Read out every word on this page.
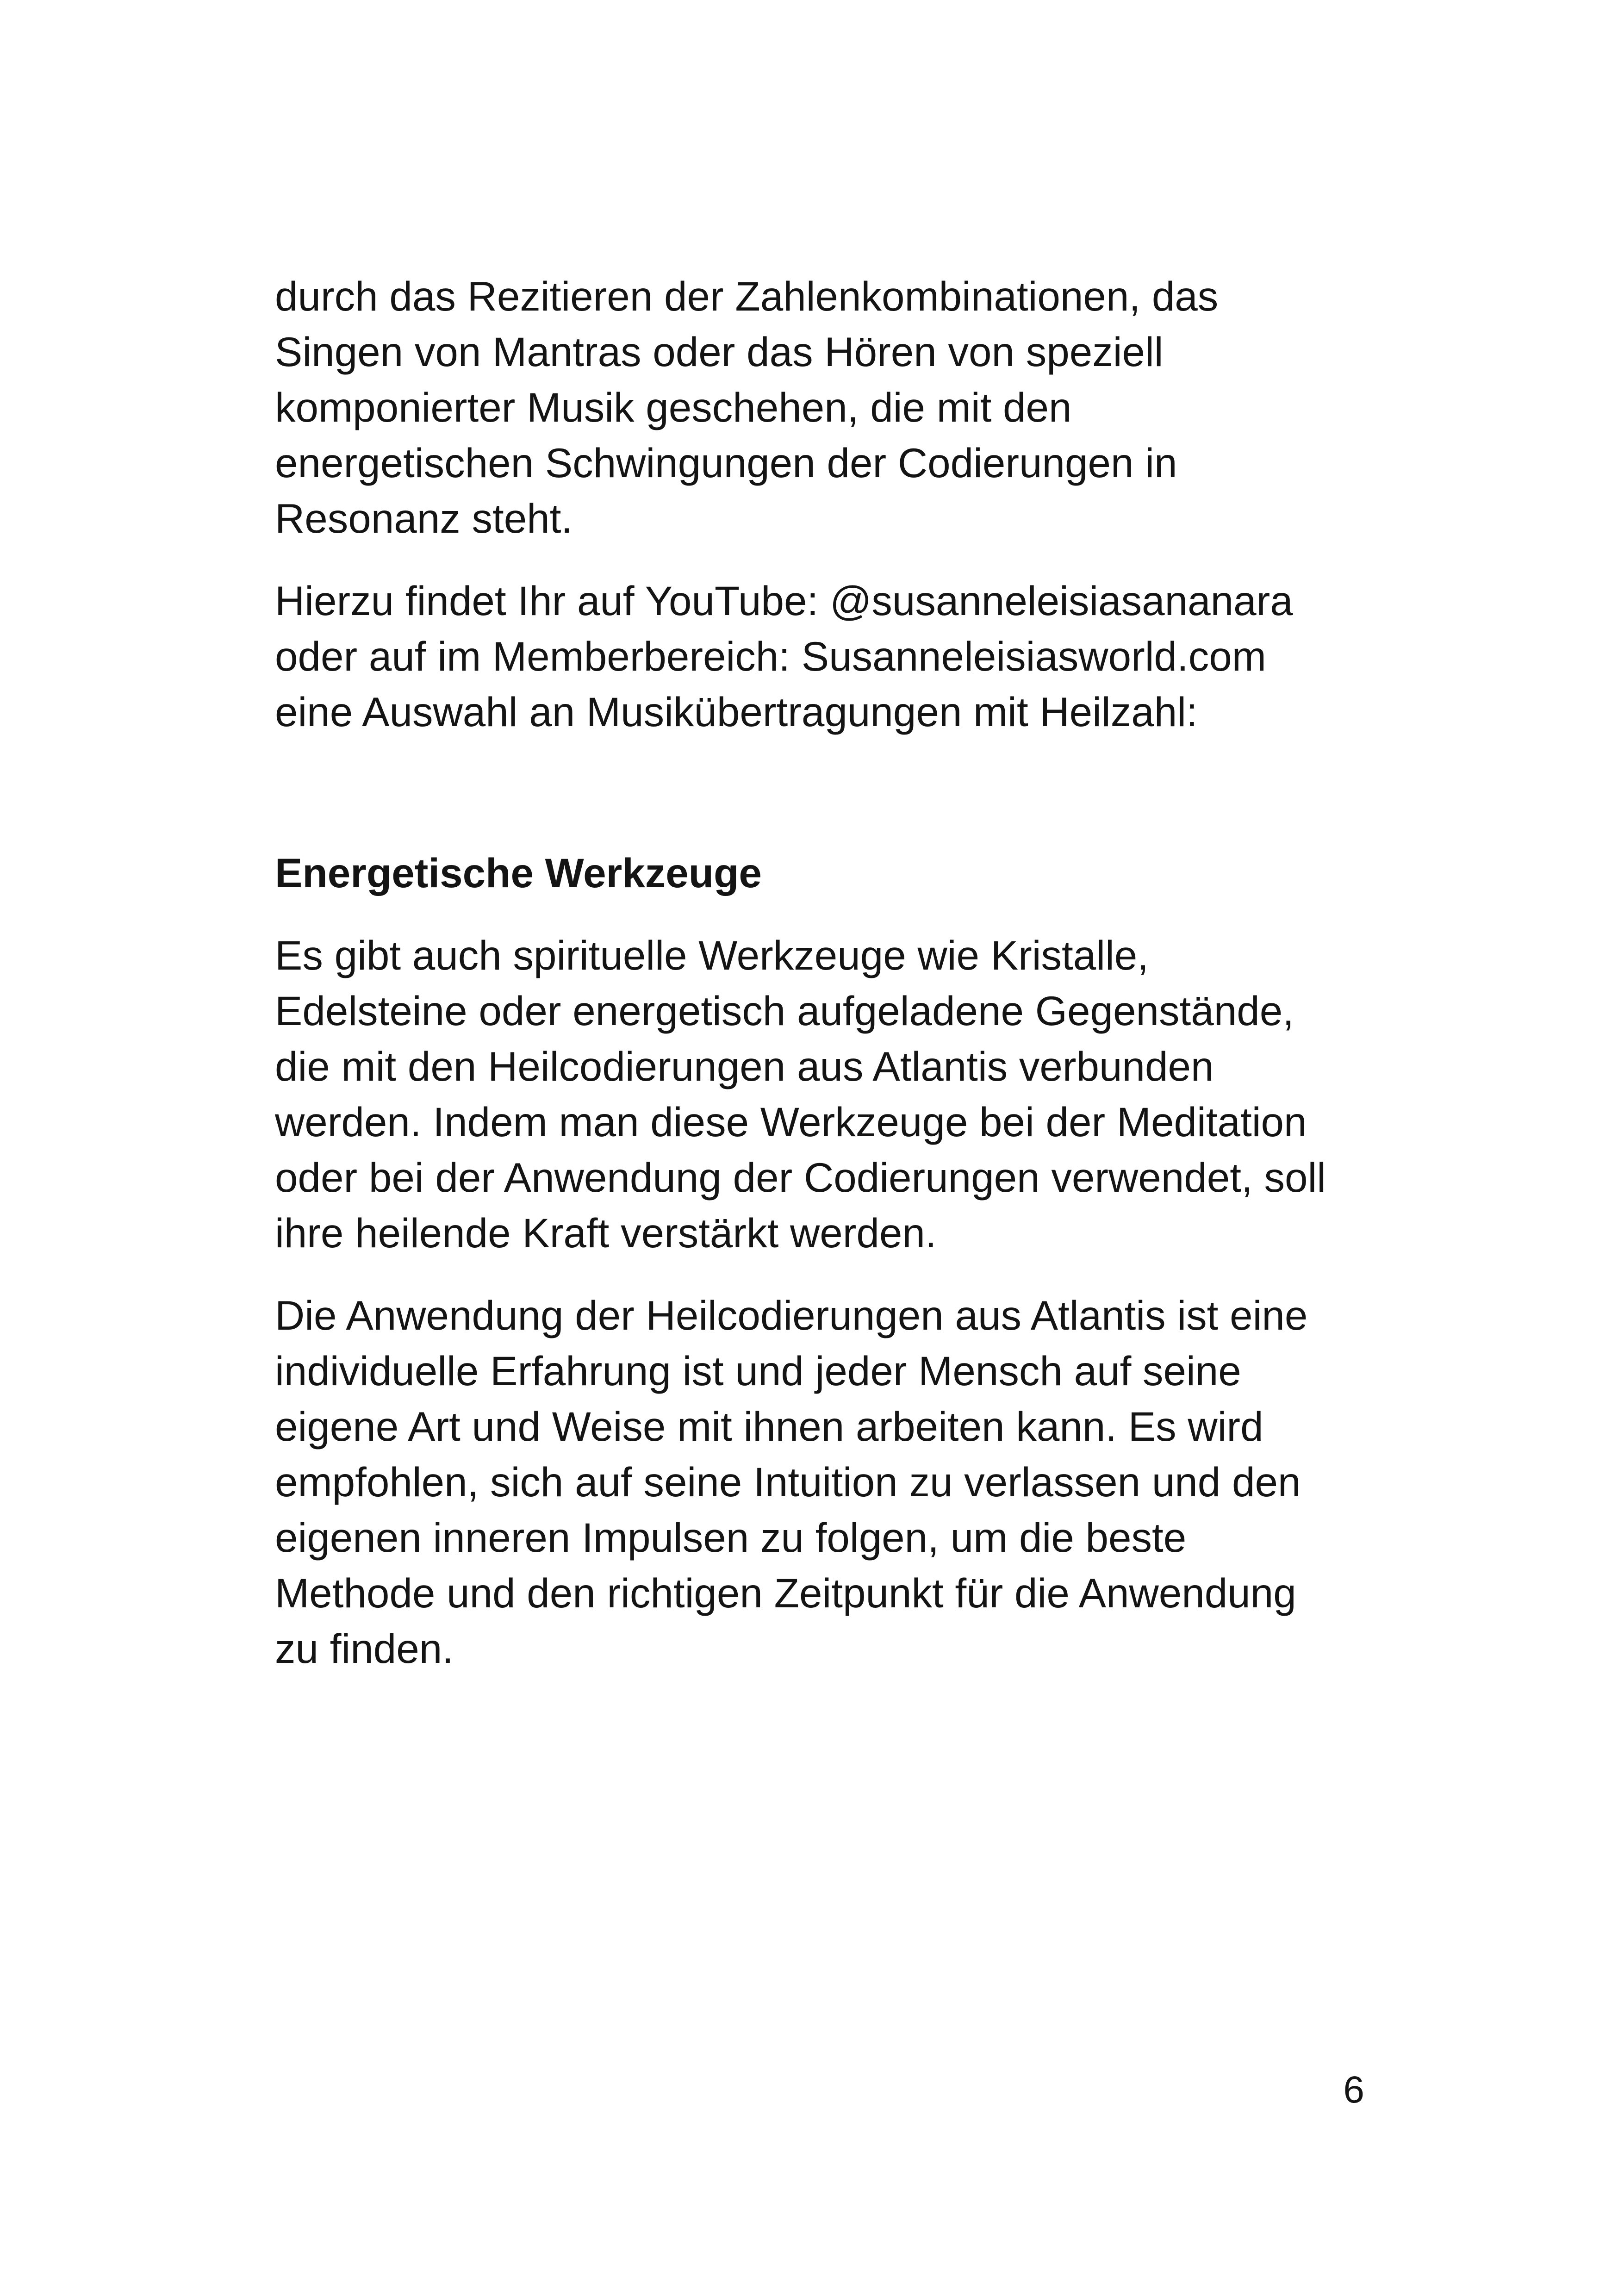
durch das Rezitieren der Zahlenkombinationen, das
Singen von Mantras oder das Hören von speziell
komponierter Musik geschehen, die mit den
energetischen Schwingungen der Codierungen in
Resonanz steht.

Hierzu findet Ihr auf YouTube: @susanneleisiasananara
oder auf im Memberbereich: Susanneleisiasworld.com
eine Auswahl an Musikübertragungen mit Heilzahl:

Energetische Werkzeuge

Es gibt auch spirituelle Werkzeuge wie Kristalle,
Edelsteine oder energetisch aufgeladene Gegenstände,
die mit den Heilcodierungen aus Atlantis verbunden
werden. Indem man diese Werkzeuge bei der Meditation
oder bei der Anwendung der Codierungen verwendet, soll
ihre heilende Kraft verstärkt werden.

Die Anwendung der Heilcodierungen aus Atlantis ist eine
individuelle Erfahrung ist und jeder Mensch auf seine
eigene Art und Weise mit ihnen arbeiten kann. Es wird
empfohlen, sich auf seine Intuition zu verlassen und den
eigenen inneren Impulsen zu folgen, um die beste
Methode und den richtigen Zeitpunkt für die Anwendung
zu finden.

6
